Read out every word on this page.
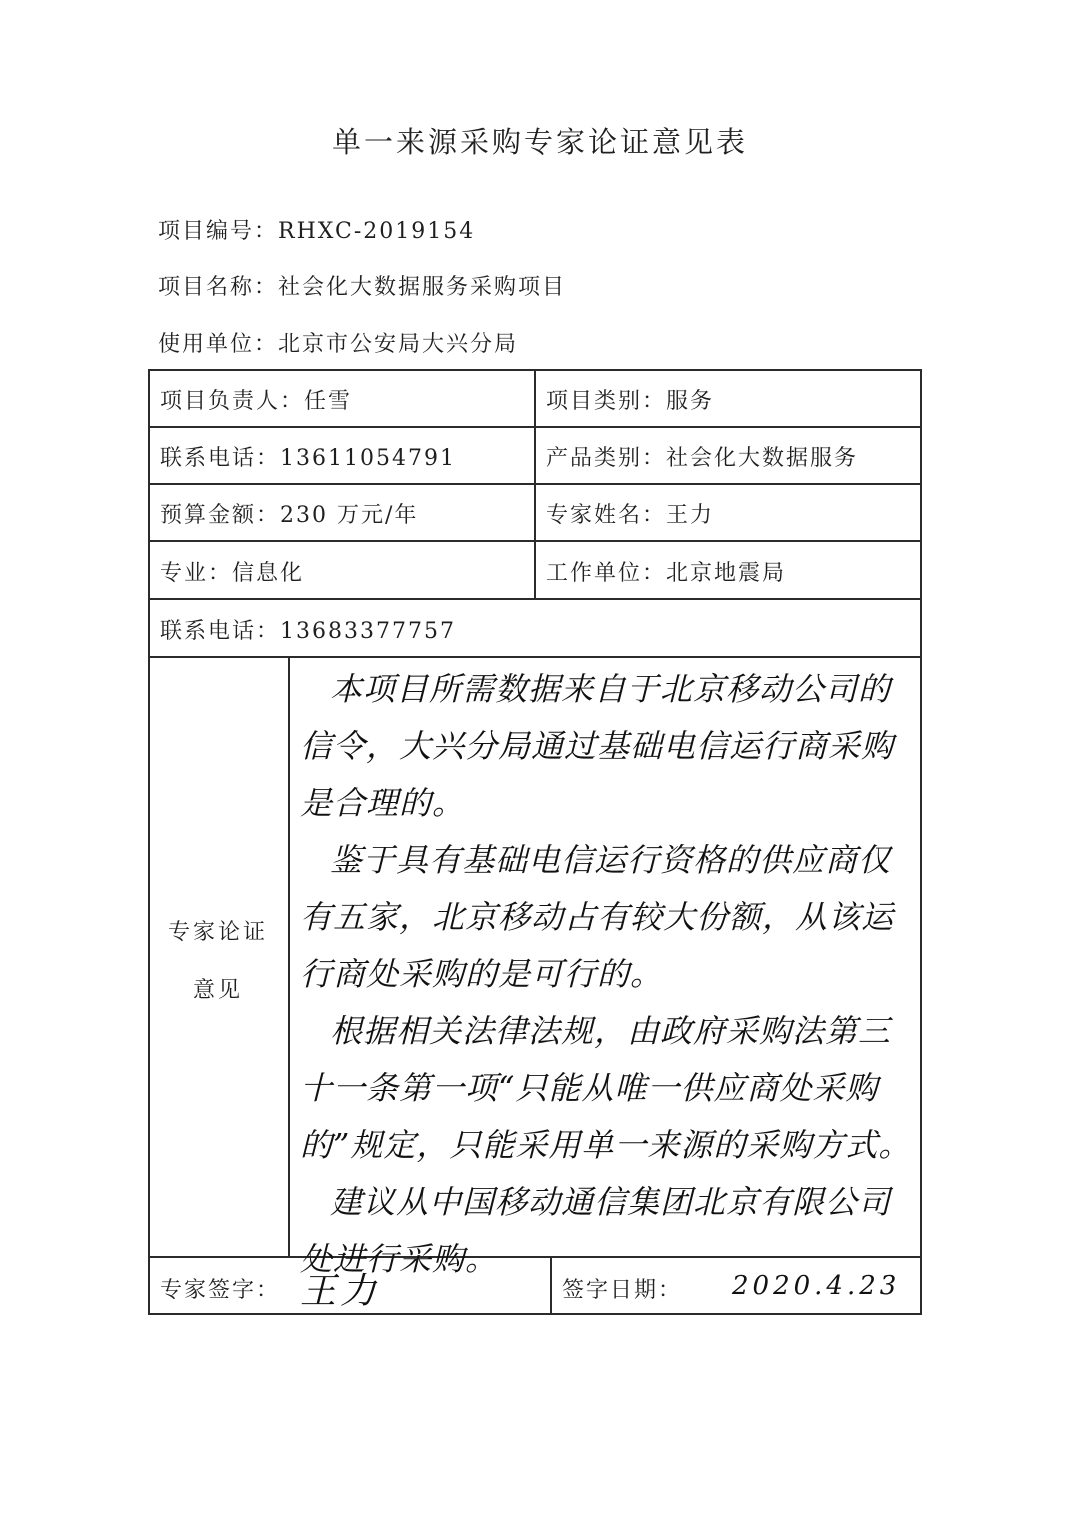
单一来源采购专家论证意见表
项目编号：RHXC-2019154
项目名称：社会化大数据服务采购项目
使用单位：北京市公安局大兴分局
项目负责人：任雪	项目类别：服务
联系电话：13611054791	产品类别：社会化大数据服务
预算金额：230 万元/年	专家姓名：王力
专业：信息化	工作单位：北京地震局
联系电话：13683377757
专家论证
意见

本项目所需数据来自于北京移动公司的信令，大兴分局通过基础电信运行商采购是合理的。

鉴于具有基础电信运行资格的供应商仅有五家，北京移动占有较大份额，从该运行商处采购的是可行的。

根据相关法律法规，由政府采购法第三十一条第一项“只能从唯一供应商处采购的”规定，只能采用单一来源的采购方式。

建议从中国移动通信集团北京有限公司处进行采购。

专家签字： 王力	签字日期： 2020.4.23
